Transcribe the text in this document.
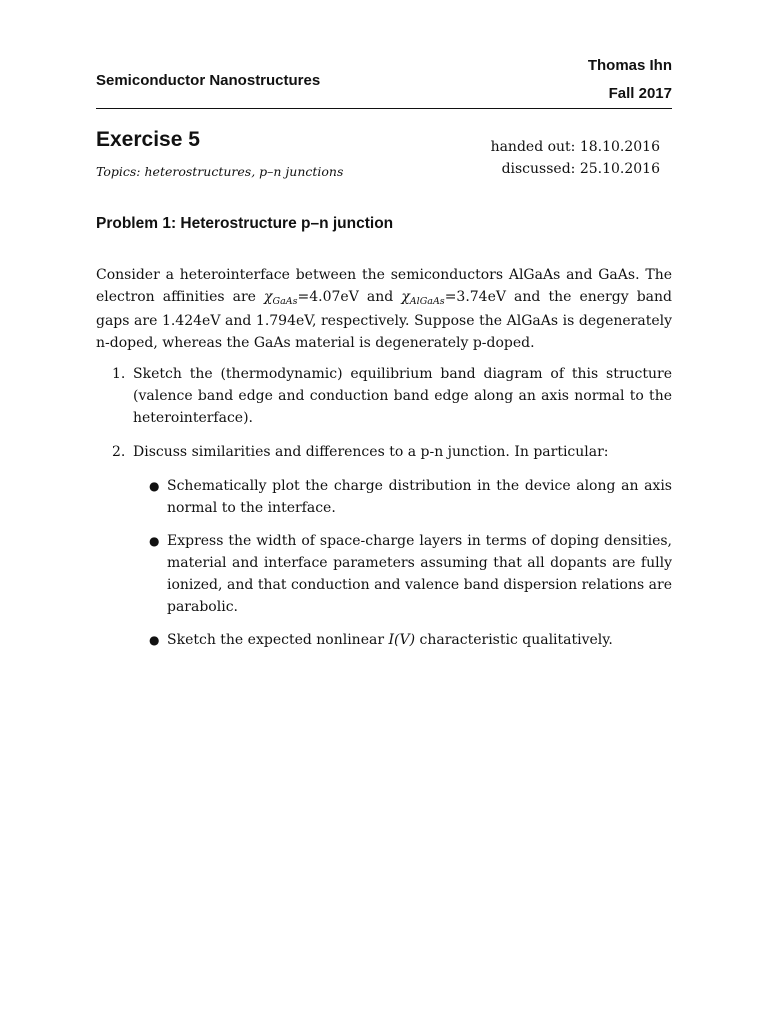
Thomas Ihn
Semiconductor Nanostructures
Fall 2017
Exercise 5
Topics: heterostructures, p–n junctions
handed out: 18.10.2016
discussed: 25.10.2016
Problem 1: Heterostructure p–n junction
Consider a heterointerface between the semiconductors AlGaAs and GaAs. The electron affinities are $\chi_{GaAs}=4.07eV$ and $\chi_{AlGaAs}=3.74eV$ and the energy band gaps are 1.424eV and 1.794eV, respectively. Suppose the AlGaAs is degenerately n-doped, whereas the GaAs material is degenerately p-doped.
1. Sketch the (thermodynamic) equilibrium band diagram of this structure (valence band edge and conduction band edge along an axis normal to the heterointerface).
2. Discuss similarities and differences to a p-n junction. In particular:
● Schematically plot the charge distribution in the device along an axis normal to the interface.
● Express the width of space-charge layers in terms of doping densities, material and interface parameters assuming that all dopants are fully ionized, and that conduction and valence band dispersion relations are parabolic.
● Sketch the expected nonlinear I(V) characteristic qualitatively.
